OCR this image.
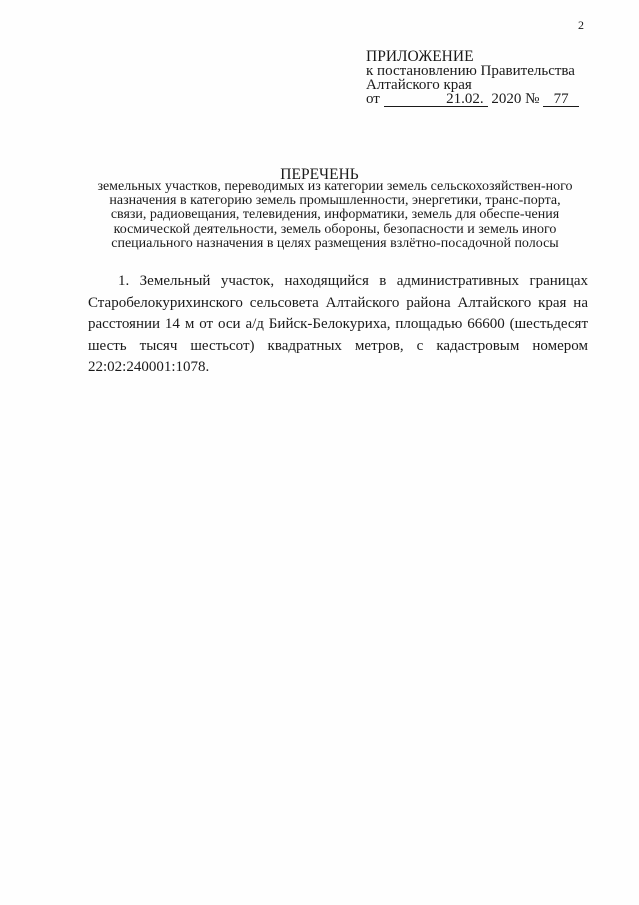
2
ПРИЛОЖЕНИЕ
к постановлению Правительства
Алтайского края
от	21.02. 2020 № 77
ПЕРЕЧЕНЬ
земельных участков, переводимых из категории земель сельскохозяйствен-ного назначения в категорию земель промышленности, энергетики, транс-порта, связи, радиовещания, телевидения, информатики, земель для обеспе-чения космической деятельности, земель обороны, безопасности и земель иного специального назначения в целях размещения взлётно-посадочной полосы
1. Земельный участок, находящийся в административных границах Старобелокурихинского сельсовета Алтайского района Алтайского края на расстоянии 14 м от оси а/д Бийск-Белокуриха, площадью 66600 (шестьдесят шесть тысяч шестьсот) квадратных метров, с кадастровым номером 22:02:240001:1078.
